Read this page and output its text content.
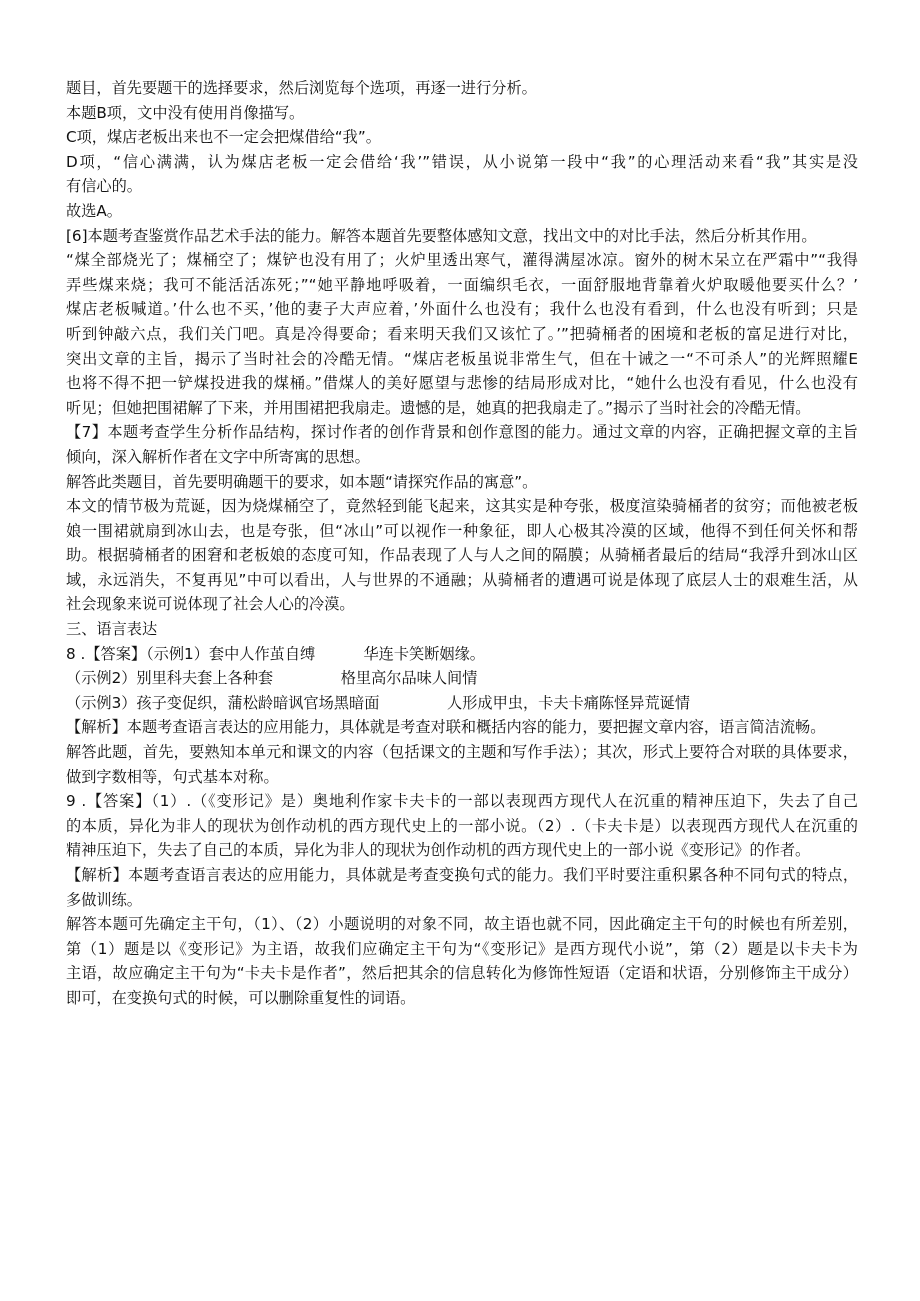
题目，首先要题干的选择要求，然后浏览每个选项，再逐一进行分析。
本题B项，文中没有使用肖像描写。
C项，煤店老板出来也不一定会把煤借给“我”。
D项，“信心满满，认为煤店老板一定会借给‘我’”错误，从小说第一段中“我”的心理活动来看“我”其实是没
有信心的。
故选A。
[6]本题考查鉴赏作品艺术手法的能力。解答本题首先要整体感知文意，找出文中的对比手法，然后分析其作用。
“煤全部烧光了；煤桶空了；煤铲也没有用了；火炉里透出寒气，灌得满屋冰凉。窗外的树木呆立在严霜中”“我得
弄些煤来烧；我可不能活活冻死；”“她平静地呼吸着，一面编织毛衣，一面舒服地背靠着火炉取暖他要买什么？’
煤店老板喊道。’什么也不买，’他的妻子大声应着，’外面什么也没有；我什么也没有看到，什么也没有听到；只是
听到钟敲六点，我们关门吧。真是冷得要命；看来明天我们又该忙了。’”把骑桶者的困境和老板的富足进行对比，
突出文章的主旨，揭示了当时社会的冷酷无情。“煤店老板虽说非常生气，但在十诫之一“不可杀人”的光辉照耀E
也将不得不把一铲煤投进我的煤桶。”借煤人的美好愿望与悲惨的结局形成对比，“她什么也没有看见，什么也没有
听见；但她把围裙解了下来，并用围裙把我扇走。遗憾的是，她真的把我扇走了。”揭示了当时社会的冷酷无情。
【7】本题考查学生分析作品结构，探讨作者的创作背景和创作意图的能力。通过文章的内容，正确把握文章的主旨
倾向，深入解析作者在文字中所寄寓的思想。
解答此类题目，首先要明确题干的要求，如本题“请探究作品的寓意”。
本文的情节极为荒诞，因为烧煤桶空了，竟然轻到能飞起来，这其实是种夸张，极度渲染骑桶者的贫穷；而他被老板
娘一围裙就扇到冰山去，也是夸张，但“冰山”可以视作一种象征，即人心极其冷漠的区域，他得不到任何关怀和帮
助。根据骑桶者的困窘和老板娘的态度可知，作品表现了人与人之间的隔膜；从骑桶者最后的结局“我浮升到冰山区
域，永远消失，不复再见”中可以看出，人与世界的不通融；从骑桶者的遭遇可说是体现了底层人士的艰难生活，从
社会现象来说可说体现了社会人心的冷漠。
三、语言表达
8 .【答案】（示例1）套中人作茧自缚          华连卡笑断姻缘。
（示例2）别里科夫套上各种套              格里高尔品味人间情
（示例3）孩子变促织，蒲松龄暗讽官场黑暗面              人形成甲虫，卡夫卡痛陈怪异荒诞情
【解析】本题考查语言表达的应用能力，具体就是考查对联和概括内容的能力，要把握文章内容，语言简洁流畅。
解答此题，首先，要熟知本单元和课文的内容（包括课文的主题和写作手法）；其次，形式上要符合对联的具体要求，
做到字数相等，句式基本对称。
9 .【答案】（1）.（《变形记》是）奥地利作家卡夫卡的一部以表现西方现代人在沉重的精神压迫下，失去了自己
的本质，异化为非人的现状为创作动机的西方现代史上的一部小说。（2）.（卡夫卡是）以表现西方现代人在沉重的
精神压迫下，失去了自己的本质，异化为非人的现状为创作动机的西方现代史上的一部小说《变形记》的作者。
【解析】本题考查语言表达的应用能力，具体就是考查变换句式的能力。我们平时要注重积累各种不同句式的特点，
多做训练。
解答本题可先确定主干句，（1）、（2）小题说明的对象不同，故主语也就不同，因此确定主干句的时候也有所差别，
第（1）题是以《变形记》为主语，故我们应确定主干句为“《变形记》是西方现代小说”，第（2）题是以卡夫卡为
主语，故应确定主干句为“卡夫卡是作者”，然后把其余的信息转化为修饰性短语（定语和状语，分别修饰主干成分）
即可，在变换句式的时候，可以删除重复性的词语。
